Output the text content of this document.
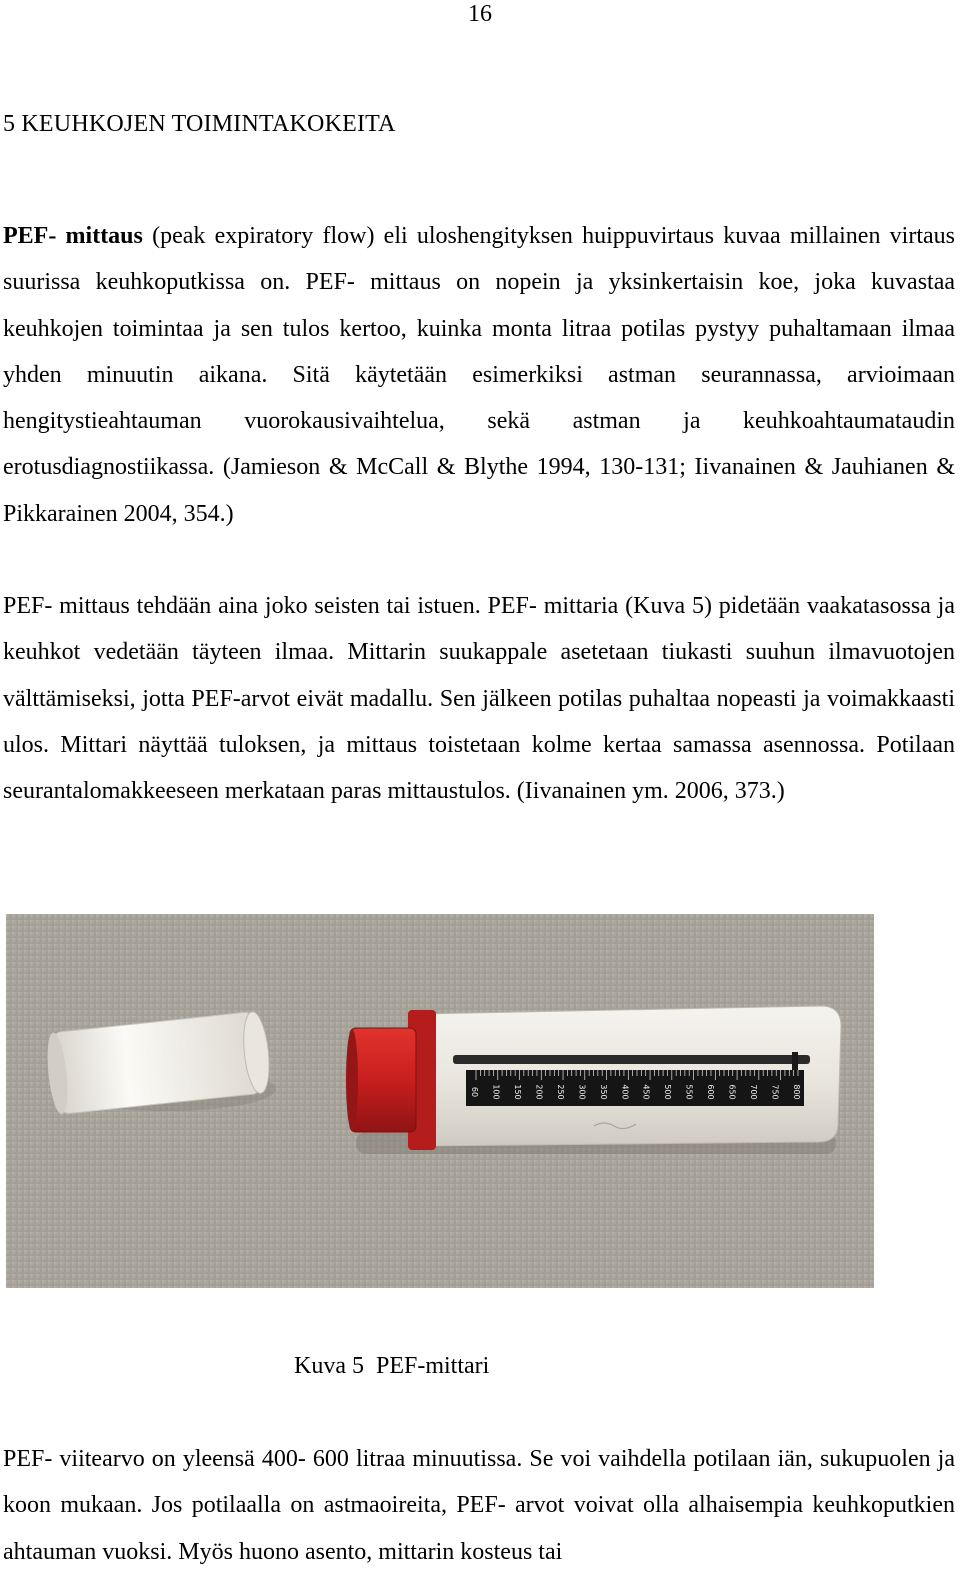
16
5 KEUHKOJEN TOIMINTAKOKEITA

PEF- mittaus (peak expiratory flow) eli uloshengityksen huippuvirtaus kuvaa millainen virtaus suurissa keuhkoputkissa on. PEF- mittaus on nopein ja yksinkertaisin koe, joka kuvastaa keuhkojen toimintaa ja sen tulos kertoo, kuinka monta litraa potilas pystyy puhaltamaan ilmaa yhden minuutin aikana. Sitä käytetään esimerkiksi astman seurannassa, arvioimaan hengitystieahtauman vuorokausivaihtelua, sekä astman ja keuhkoahtaumataudin erotusdiagnostiikassa. (Jamieson & McCall & Blythe 1994, 130-131; Iivanainen & Jauhianen & Pikkarainen 2004, 354.)

PEF- mittaus tehdään aina joko seisten tai istuen. PEF- mittaria (Kuva 5) pidetään vaakatasossa ja keuhkot vedetään täyteen ilmaa. Mittarin suukappale asetetaan tiukasti suuhun ilmavuotojen välttämiseksi, jotta PEF-arvot eivät madallu. Sen jälkeen potilas puhaltaa nopeasti ja voimakkaasti ulos. Mittari näyttää tuloksen, ja mittaus toistetaan kolme kertaa samassa asennossa. Potilaan seurantalomakkeeseen merkataan paras mittaustulos. (Iivanainen ym. 2006, 373.)

60 100 150 200 250 300 350 400 450 500 550 600 650 700 750 800
Kuva 5  PEF-mittari

PEF- viitearvo on yleensä 400- 600 litraa minuutissa. Se voi vaihdella potilaan iän, sukupuolen ja koon mukaan. Jos potilaalla on astmaoireita, PEF- arvot voivat olla alhaisempia keuhkoputkien ahtauman vuoksi. Myös huono asento, mittarin kosteus tai
